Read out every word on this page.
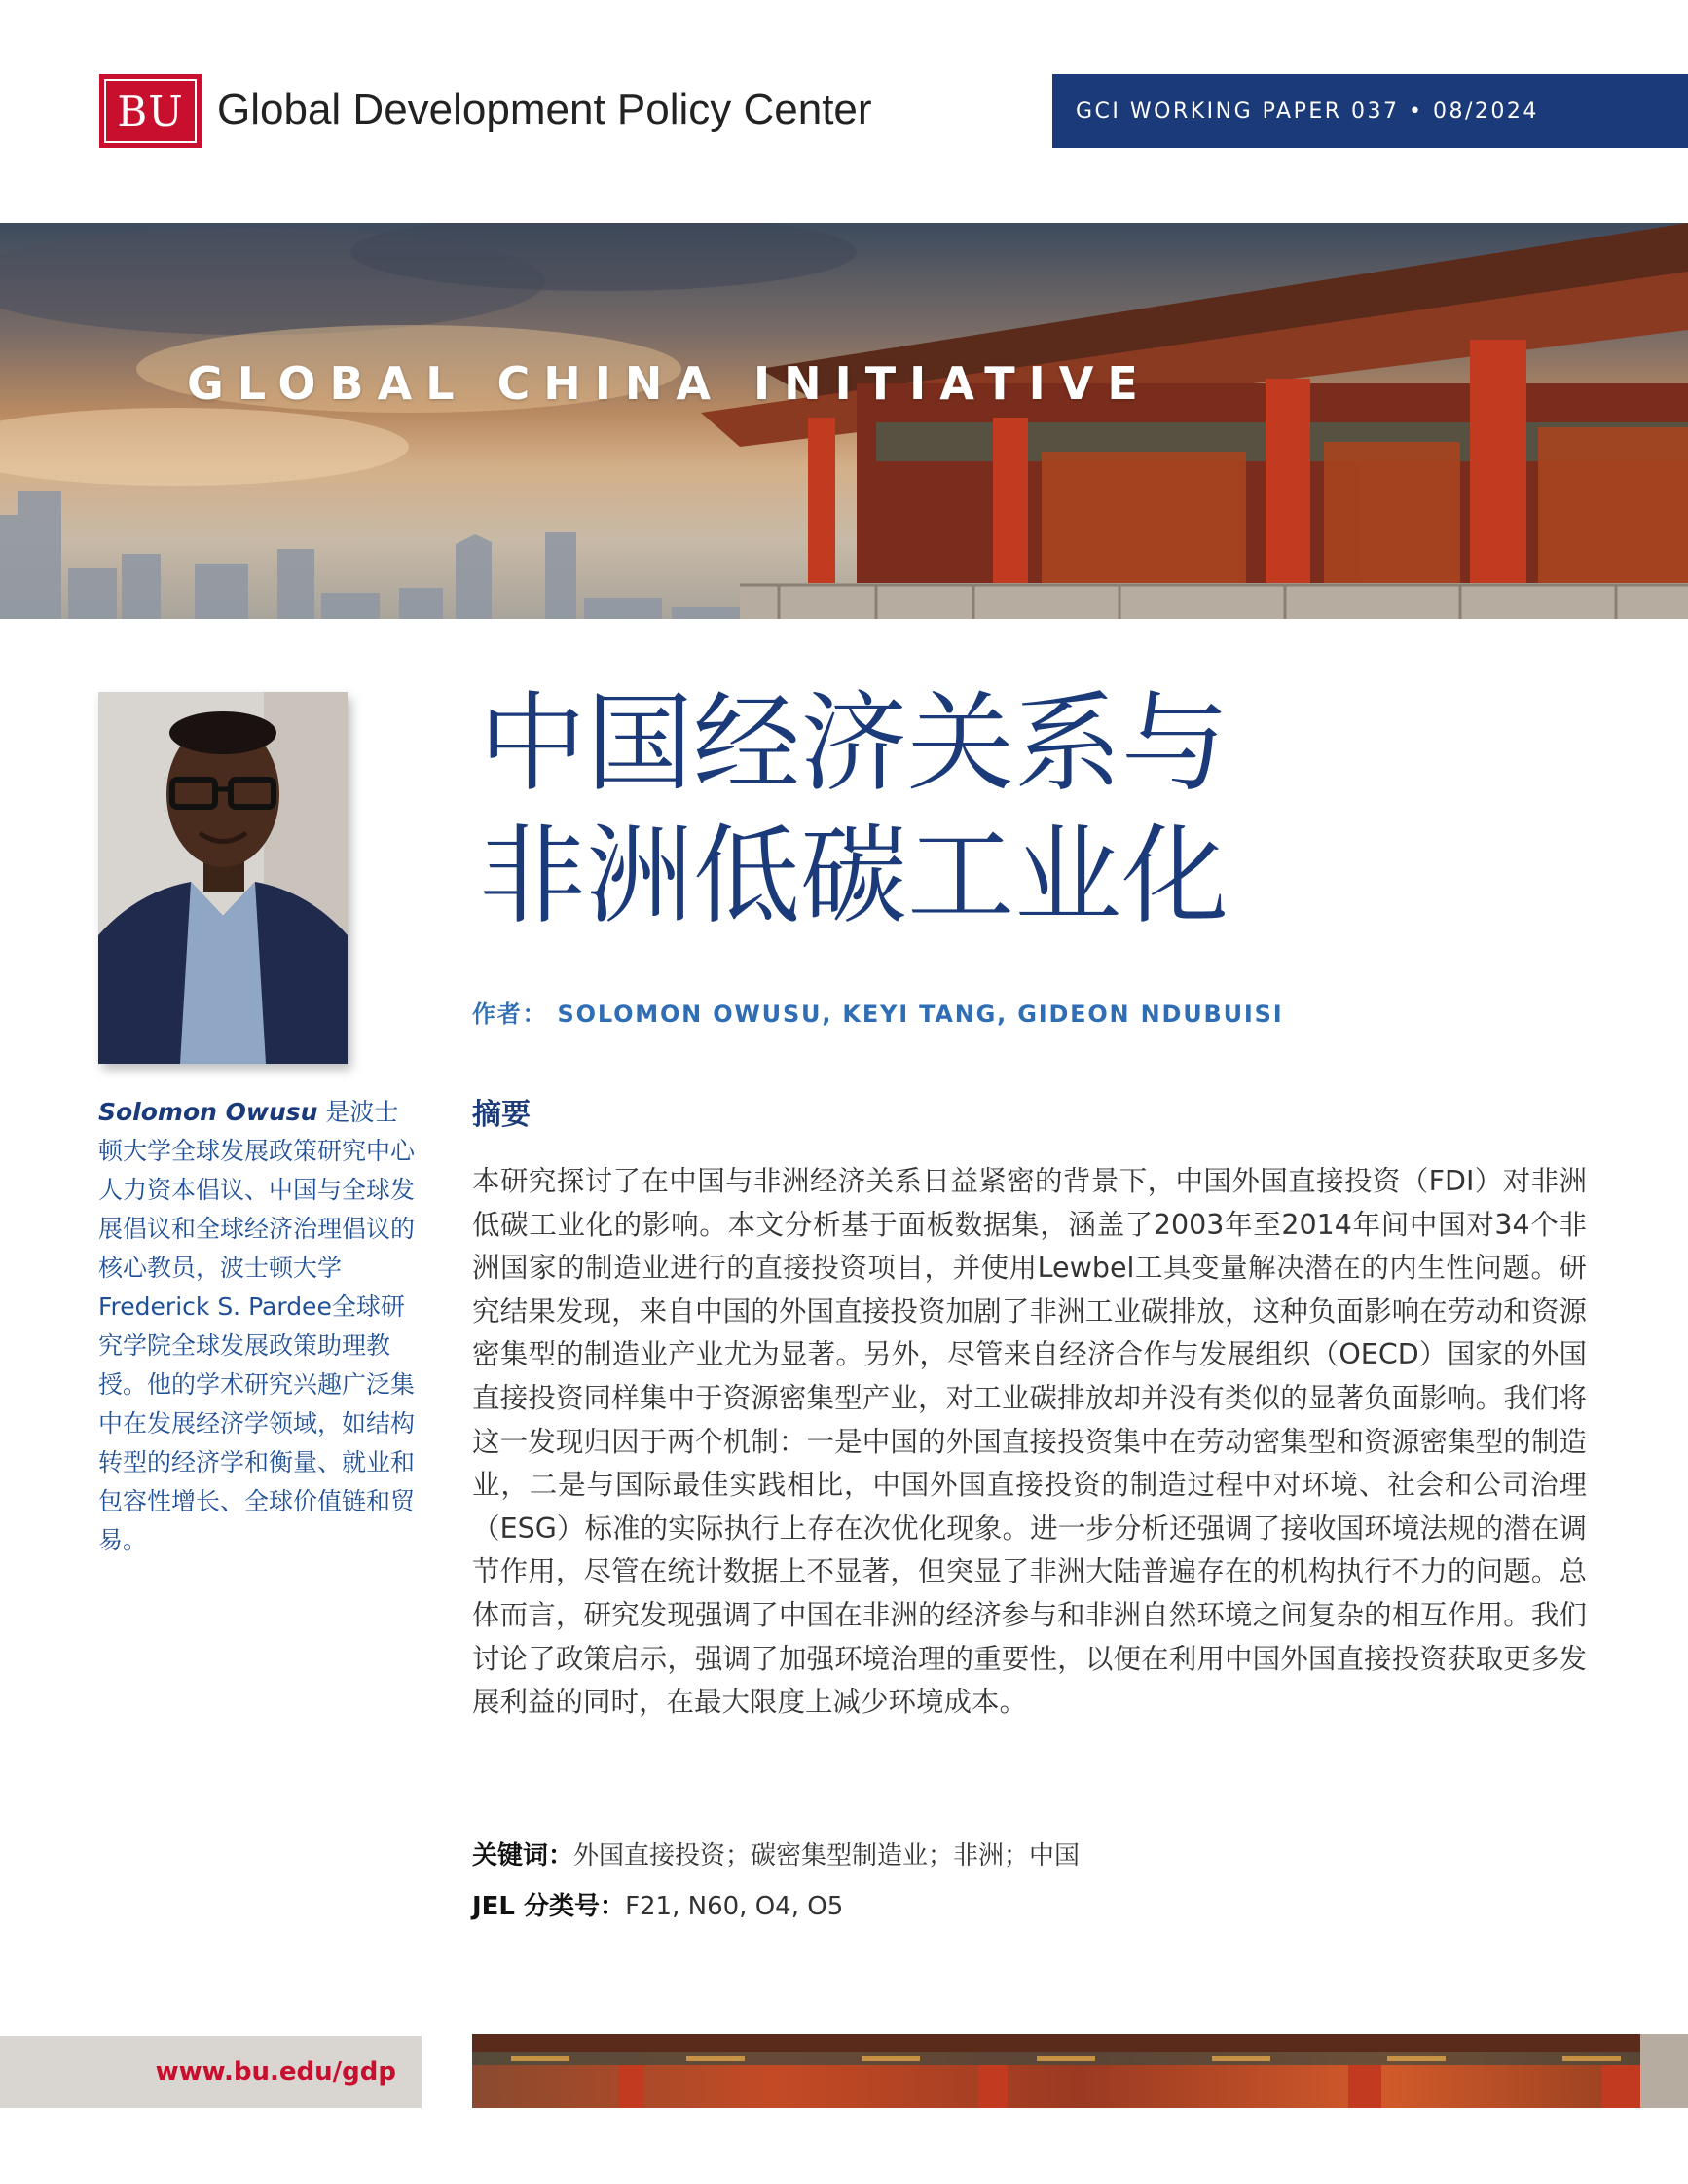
BU Global Development Policy Center	GCI WORKING PAPER 037 • 08/2024
GLOBAL CHINA INITIATIVE
Solomon Owusu 是波士顿大学全球发展政策研究中心人力资本倡议、中国与全球发展倡议和全球经济治理倡议的核心教员，波士顿大学Frederick S. Pardee全球研究学院全球发展政策助理教授。他的学术研究兴趣广泛集中在发展经济学领域，如结构转型的经济学和衡量、就业和包容性增长、全球价值链和贸易。
www.bu.edu/gdp
中国经济关系与
非洲低碳工业化
作者： SOLOMON OWUSU, KEYI TANG, GIDEON NDUBUISI
摘要
本研究探讨了在中国与非洲经济关系日益紧密的背景下，中国外国直接投资（FDI）对非洲低碳工业化的影响。本文分析基于面板数据集，涵盖了2003年至2014年间中国对34个非洲国家的制造业进行的直接投资项目，并使用Lewbel工具变量解决潜在的内生性问题。研究结果发现，来自中国的外国直接投资加剧了非洲工业碳排放，这种负面影响在劳动和资源密集型的制造业产业尤为显著。另外，尽管来自经济合作与发展组织（OECD）国家的外国直接投资同样集中于资源密集型产业，对工业碳排放却并没有类似的显著负面影响。我们将这一发现归因于两个机制：一是中国的外国直接投资集中在劳动密集型和资源密集型的制造业，二是与国际最佳实践相比，中国外国直接投资的制造过程中对环境、社会和公司治理（ESG）标准的实际执行上存在次优化现象。进一步分析还强调了接收国环境法规的潜在调节作用，尽管在统计数据上不显著，但突显了非洲大陆普遍存在的机构执行不力的问题。总体而言，研究发现强调了中国在非洲的经济参与和非洲自然环境之间复杂的相互作用。我们讨论了政策启示，强调了加强环境治理的重要性，以便在利用中国外国直接投资获取更多发展利益的同时，在最大限度上减少环境成本。
关键词：外国直接投资；碳密集型制造业；非洲；中国
JEL 分类号：F21, N60, O4, O5
